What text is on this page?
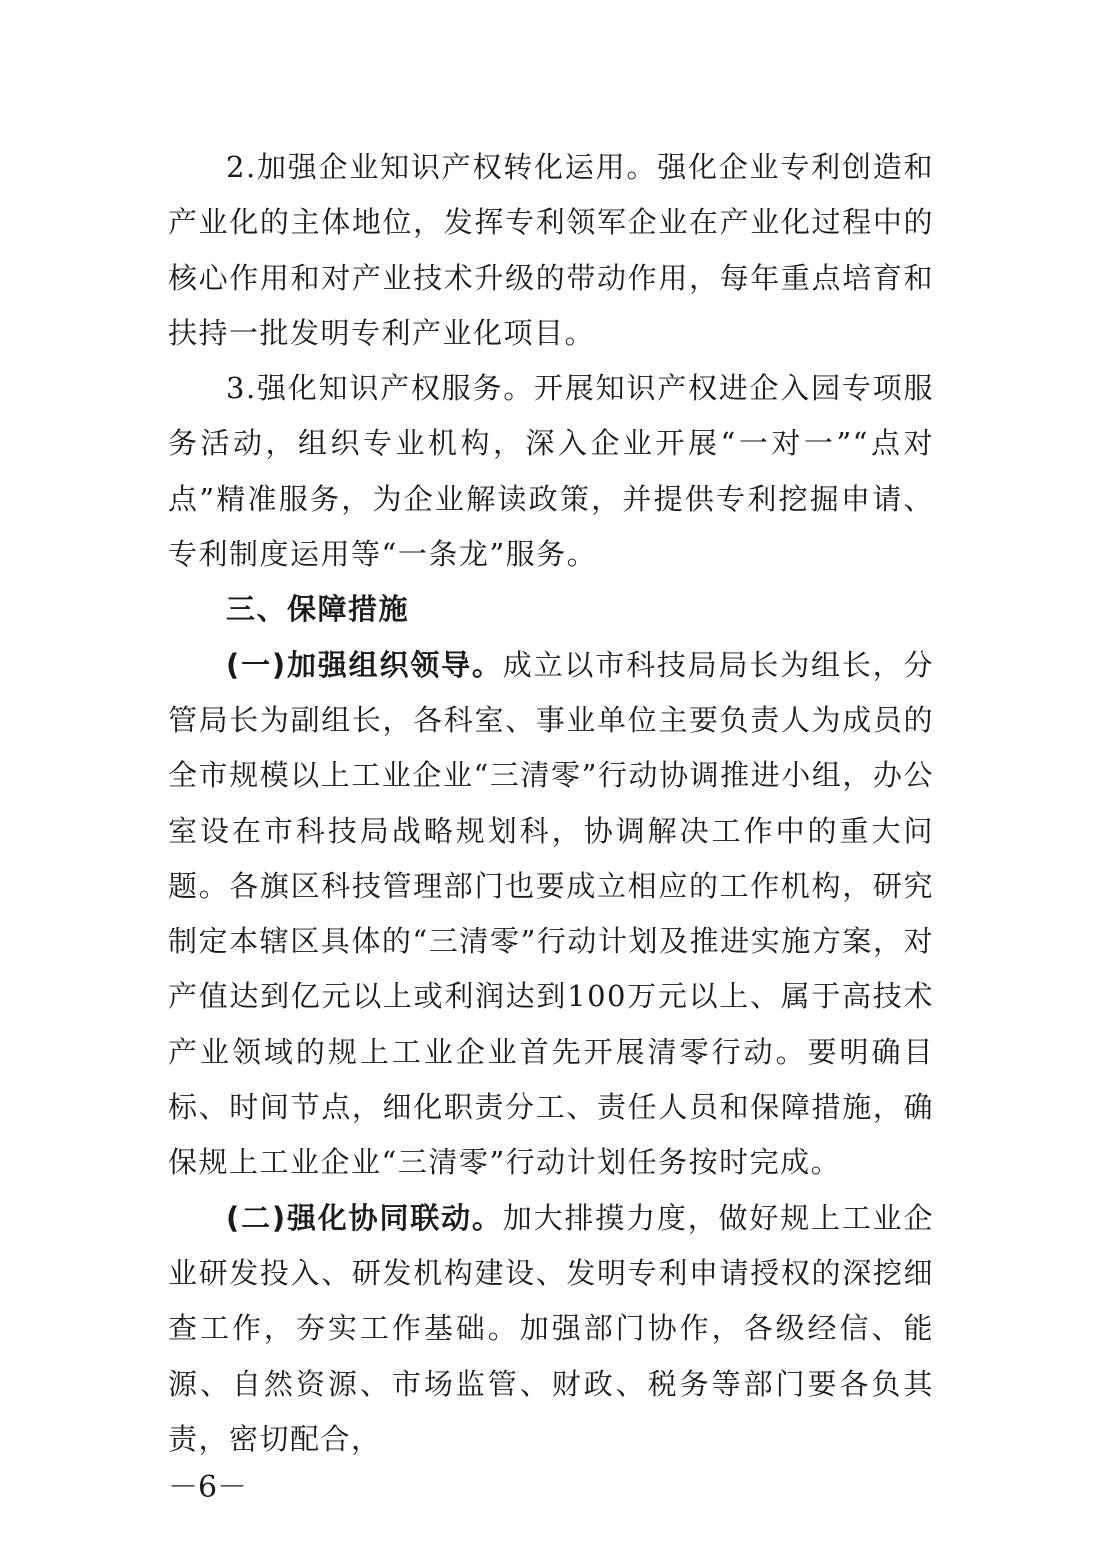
2.加强企业知识产权转化运用。强化企业专利创造和产业化的主体地位，发挥专利领军企业在产业化过程中的核心作用和对产业技术升级的带动作用，每年重点培育和扶持一批发明专利产业化项目。

3.强化知识产权服务。开展知识产权进企入园专项服务活动，组织专业机构，深入企业开展“一对一”“点对点”精准服务，为企业解读政策，并提供专利挖掘申请、专利制度运用等“一条龙”服务。

三、保障措施

(一)加强组织领导。成立以市科技局局长为组长，分管局长为副组长，各科室、事业单位主要负责人为成员的全市规模以上工业企业“三清零”行动协调推进小组，办公室设在市科技局战略规划科，协调解决工作中的重大问题。各旗区科技管理部门也要成立相应的工作机构，研究制定本辖区具体的“三清零”行动计划及推进实施方案，对产值达到亿元以上或利润达到100万元以上、属于高技术产业领域的规上工业企业首先开展清零行动。要明确目标、时间节点，细化职责分工、责任人员和保障措施，确保规上工业企业“三清零”行动计划任务按时完成。

(二)强化协同联动。加大排摸力度，做好规上工业企业研发投入、研发机构建设、发明专利申请授权的深挖细查工作，夯实工作基础。加强部门协作，各级经信、能源、自然资源、市场监管、财政、税务等部门要各负其责，密切配合，

－6－
